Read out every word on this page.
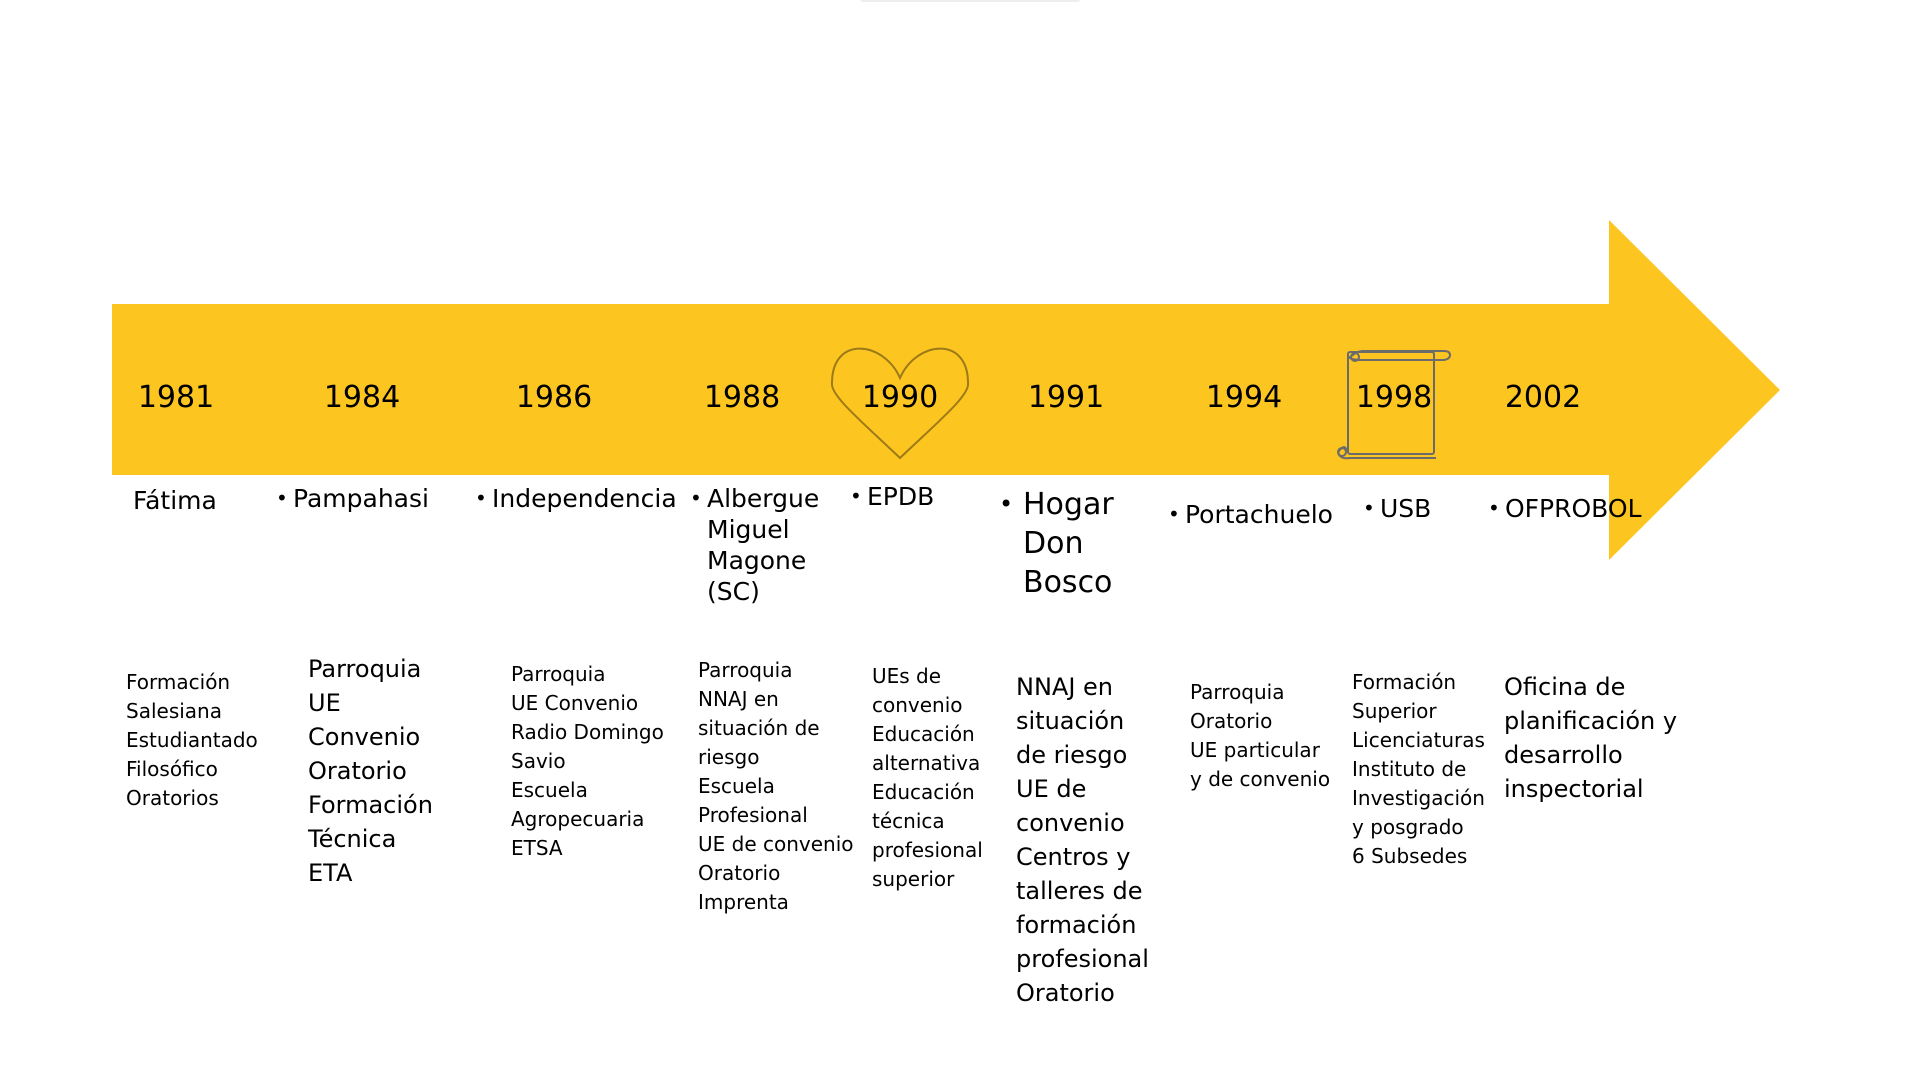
1981
Fátima
Formación
Salesiana
Estudiantado
Filosófico
Oratorios
1984
• Pampahasi
Parroquia
UE
Convenio
Oratorio
Formación
Técnica
ETA
1986
• Independencia
Parroquia
UE Convenio
Radio Domingo
Savio
Escuela
Agropecuaria
ETSA
1988
• Albergue
Miguel
Magone
(SC)
Parroquia
NNAJ en
situación de
riesgo
Escuela
Profesional
UE de convenio
Oratorio
Imprenta
1990
• EPDB
UEs de
convenio
Educación
alternativa
Educación
técnica
profesional
superior
1991
• Hogar
Don
Bosco
NNAJ en
situación
de riesgo
UE de
convenio
Centros y
talleres de
formación
profesional
Oratorio
1994
• Portachuelo
Parroquia
Oratorio
UE particular
y de convenio
1998
• USB
Formación
Superior
Licenciaturas
Instituto de
Investigación
y posgrado
6 Subsedes
2002
• OFPROBOL
Oficina de
planificación y
desarrollo
inspectorial
